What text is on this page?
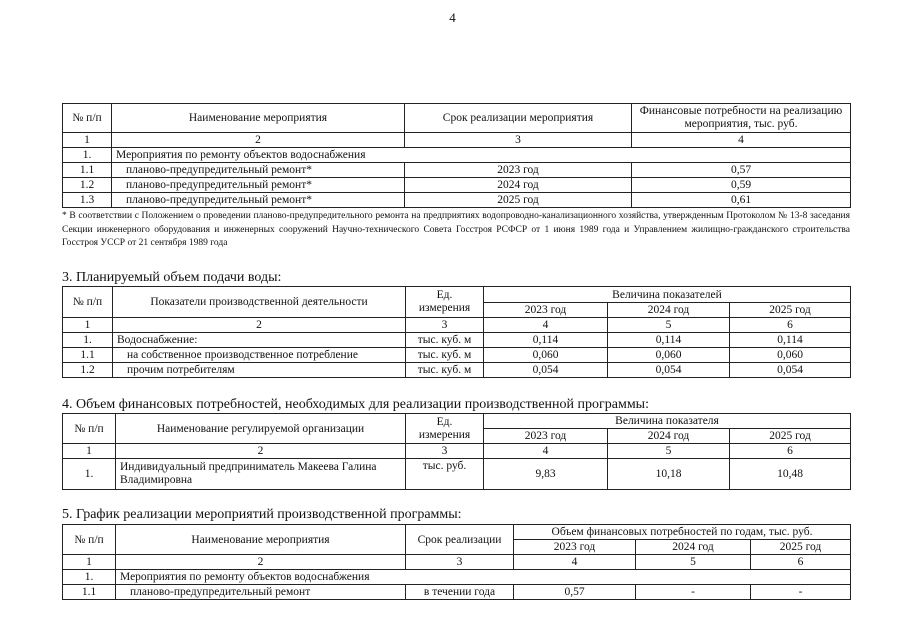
4
№ п/п	Наименование мероприятия	Срок реализации мероприятия	Финансовые потребности на реализацию мероприятия, тыс. руб.
1	2	3	4
1.	Мероприятия по ремонту объектов водоснабжения		
1.1	планово-предупредительный ремонт*	2023 год	0,57
1.2	планово-предупредительный ремонт*	2024 год	0,59
1.3	планово-предупредительный ремонт*	2025 год	0,61
* В соответствии с Положением о проведении планово-предупредительного ремонта на предприятиях водопроводно-канализационного хозяйства, утвержденным Протоколом № 13-8 заседания Секции инженерного оборудования и инженерных сооружений Научно-технического Совета Госстроя РСФСР от 1 июня 1989 года и Управлением жилищно-гражданского строительства Госстроя УССР от 21 сентября 1989 года
3. Планируемый объем подачи воды:
№ п/п	Показатели производственной деятельности	Ед. измерения	Величина показателей		
			2023 год	2024 год	2025 год
1	2	3	4	5	6
1.	Водоснабжение:	тыс. куб. м	0,114	0,114	0,114
1.1	на собственное производственное потребление	тыс. куб. м	0,060	0,060	0,060
1.2	прочим потребителям	тыс. куб. м	0,054	0,054	0,054
4. Объем финансовых потребностей, необходимых для реализации производственной программы:
№ п/п	Наименование регулируемой организации	Ед. измерения	Величина показателя		
			2023 год	2024 год	2025 год
1	2	3	4	5	6
1.	Индивидуальный предприниматель Макеева Галина Владимировна	тыс. руб.	9,83	10,18	10,48
5. График реализации мероприятий производственной программы:
№ п/п	Наименование мероприятия	Срок реализации	Объем финансовых потребностей по годам, тыс. руб.		
			2023 год	2024 год	2025 год
1	2	3	4	5	6
1.	Мероприятия по ремонту объектов водоснабжения				
1.1	планово-предупредительный ремонт	в течении года	0,57	-	-
